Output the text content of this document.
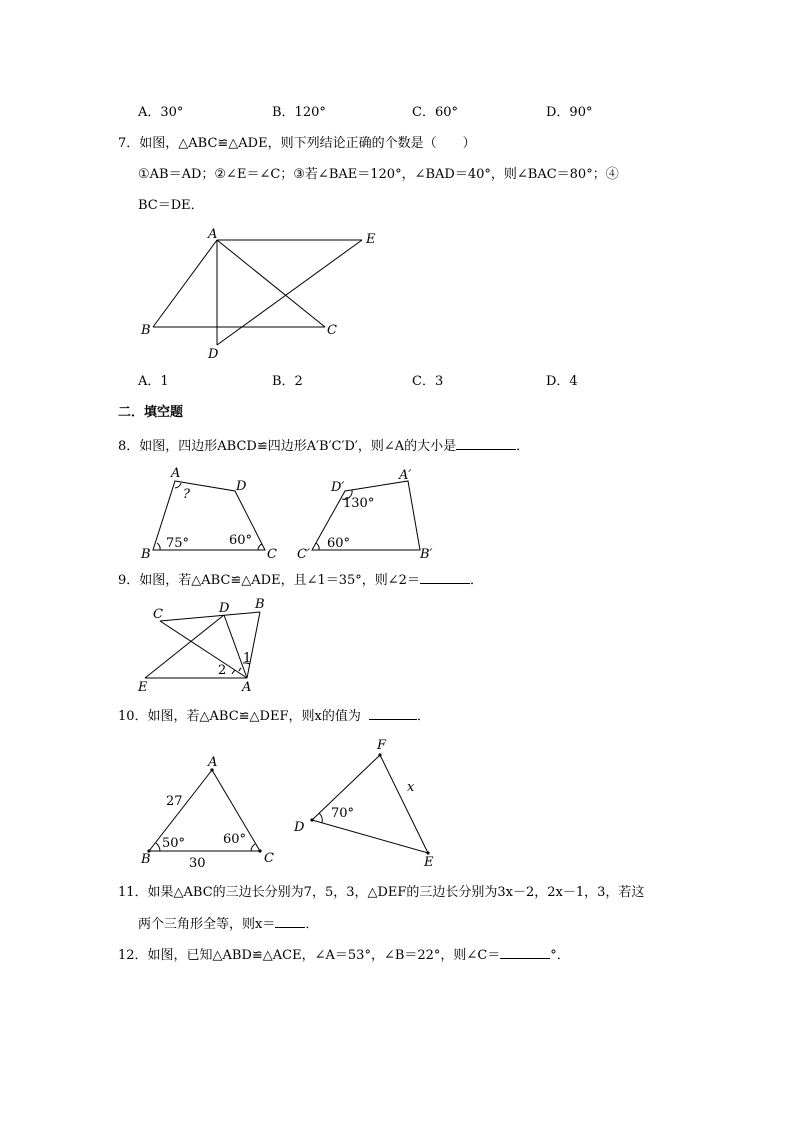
A．30°	B．120°	C．60°	D．90°
7．如图，△ABC≌△ADE，则下列结论正确的个数是（　　）
①AB＝AD；②∠E＝∠C；③若∠BAE＝120°，∠BAD＝40°，则∠BAC＝80°；④
BC＝DE．
A	E
B	C
D
A．1	B．2	C．3	D．4
二．填空题
8．如图，四边形ABCD≌四边形A′B′C′D′，则∠A的大小是	．
A
D
B	C
?
75°	60°
D′
A′
C′	B′
130°
60°
9．如图，若△ABC≌△ADE，且∠1＝35°，则∠2＝	．
C	D B
E	A
1
2
10．如图，若△ABC≌△DEF，则x的值为	．
A
B	C
27
30
50°	60°
F
D
E
x
70°
11．如果△ABC的三边长分别为7，5，3，△DEF的三边长分别为3x－2，2x－1，3，若这
两个三角形全等，则x＝ ．
12．如图，已知△ABD≌△ACE，∠A＝53°，∠B＝22°，则∠C＝	°．
